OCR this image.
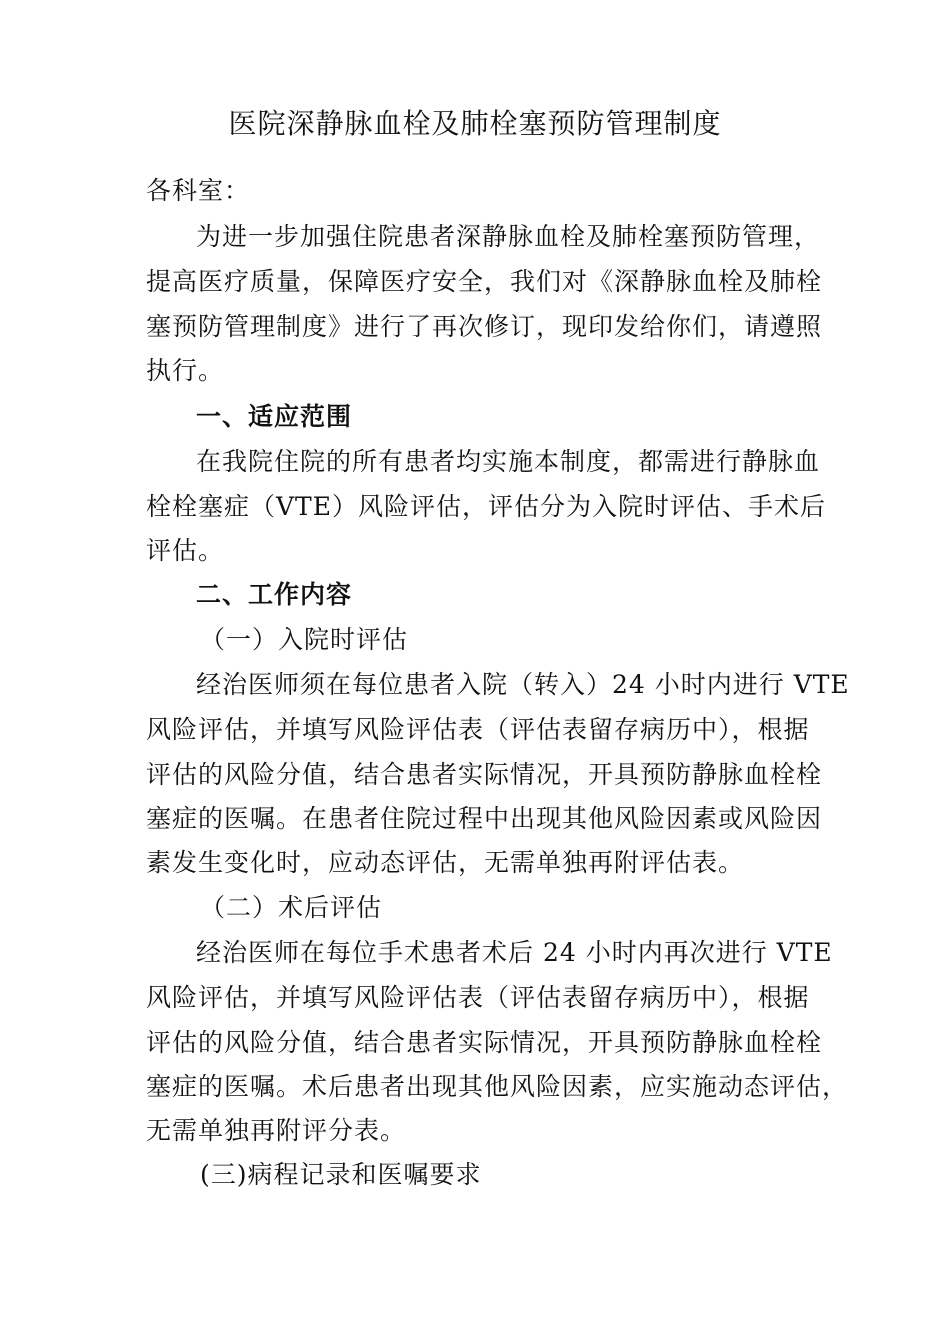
医院深静脉血栓及肺栓塞预防管理制度
各科室：
为进一步加强住院患者深静脉血栓及肺栓塞预防管理，
提高医疗质量，保障医疗安全，我们对《深静脉血栓及肺栓
塞预防管理制度》进行了再次修订，现印发给你们，请遵照
执行。
一、适应范围
在我院住院的所有患者均实施本制度，都需进行静脉血
栓栓塞症（VTE）风险评估，评估分为入院时评估、手术后
评估。
二、工作内容
（一）入院时评估
经治医师须在每位患者入院（转入）24 小时内进行 VTE
风险评估，并填写风险评估表（评估表留存病历中），根据
评估的风险分值，结合患者实际情况，开具预防静脉血栓栓
塞症的医嘱。在患者住院过程中出现其他风险因素或风险因
素发生变化时，应动态评估，无需单独再附评估表。
（二）术后评估
经治医师在每位手术患者术后 24 小时内再次进行 VTE
风险评估，并填写风险评估表（评估表留存病历中），根据
评估的风险分值，结合患者实际情况，开具预防静脉血栓栓
塞症的医嘱。术后患者出现其他风险因素，应实施动态评估，
无需单独再附评分表。
(三)病程记录和医嘱要求
